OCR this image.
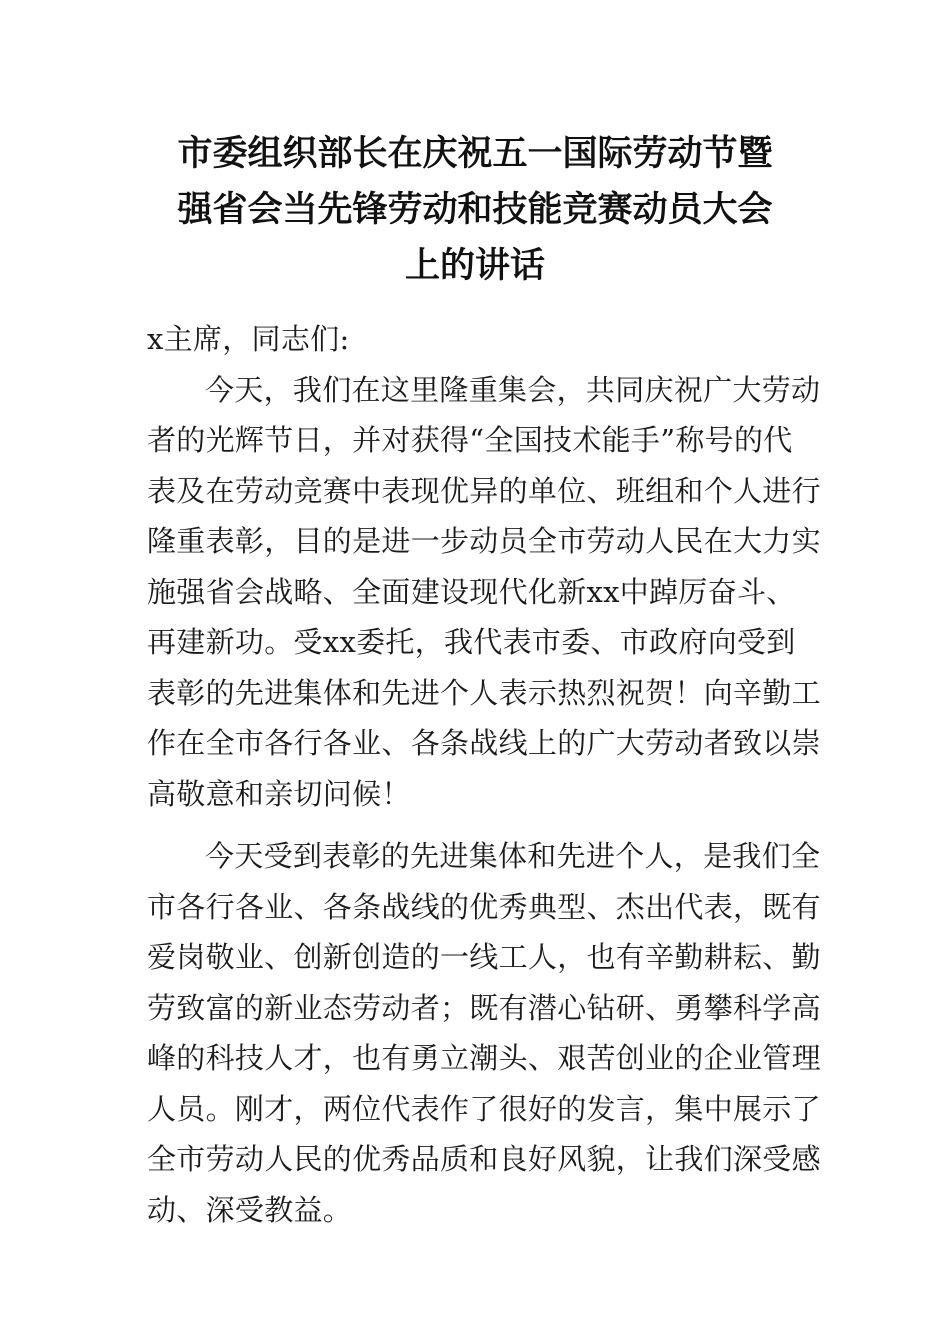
市委组织部长在庆祝五一国际劳动节暨
强省会当先锋劳动和技能竞赛动员大会
上的讲话
x主席，同志们:
今天，我们在这里隆重集会，共同庆祝广大劳动
者的光辉节日，并对获得“全国技术能手”称号的代
表及在劳动竞赛中表现优异的单位、班组和个人进行
隆重表彰，目的是进一步动员全市劳动人民在大力实
施强省会战略、全面建设现代化新xx中踔厉奋斗、
再建新功。受xx委托，我代表市委、市政府向受到
表彰的先进集体和先进个人表示热烈祝贺！向辛勤工
作在全市各行各业、各条战线上的广大劳动者致以崇
高敬意和亲切问候！
今天受到表彰的先进集体和先进个人，是我们全
市各行各业、各条战线的优秀典型、杰出代表，既有
爱岗敬业、创新创造的一线工人，也有辛勤耕耘、勤
劳致富的新业态劳动者；既有潜心钻研、勇攀科学高
峰的科技人才，也有勇立潮头、艰苦创业的企业管理
人员。刚才，两位代表作了很好的发言，集中展示了
全市劳动人民的优秀品质和良好风貌，让我们深受感
动、深受教益。
